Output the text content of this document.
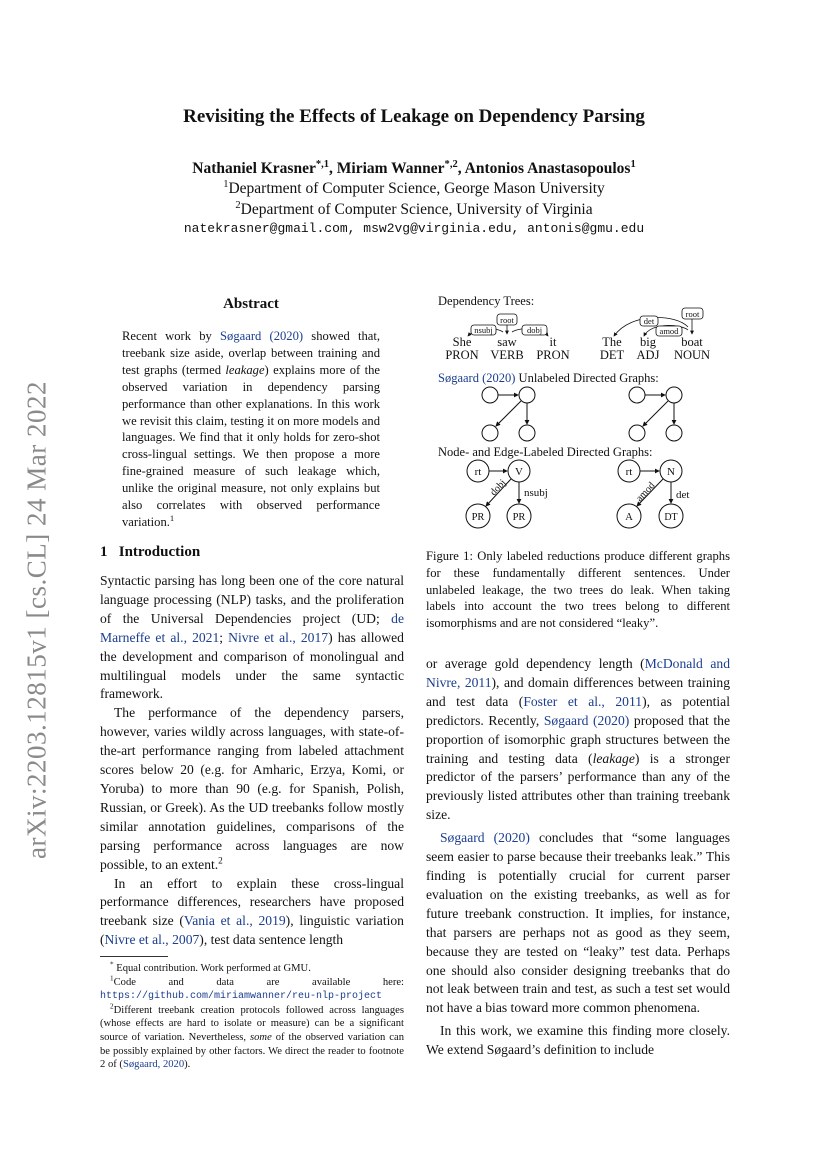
arXiv:2203.12815v1 [cs.CL] 24 Mar 2022
Revisiting the Effects of Leakage on Dependency Parsing
Nathaniel Krasner$^{*,1}$, Miriam Wanner$^{*,2}$, Antonios Anastasopoulos$^1$
$^1$Department of Computer Science, George Mason University
$^2$Department of Computer Science, University of Virginia
natekrasner@gmail.com, msw2vg@virginia.edu, antonis@gmu.edu
Abstract

Recent work by Søgaard (2020) showed that, treebank size aside, overlap between training and test graphs (termed leakage) explains more of the observed variation in dependency parsing performance than other explanations. In this work we revisit this claim, testing it on more models and languages. We find that it only holds for zero-shot cross-lingual settings. We then propose a more fine-grained measure of such leakage which, unlike the original measure, not only explains but also correlates with observed performance variation.$^1$

1 Introduction

Syntactic parsing has long been one of the core natural language processing (NLP) tasks, and the proliferation of the Universal Dependencies project (UD; de Marneffe et al., 2021; Nivre et al., 2017) has allowed the development and comparison of monolingual and multilingual models under the same syntactic framework.

The performance of the dependency parsers, however, varies wildly across languages, with state-of-the-art performance ranging from labeled attachment scores below 20 (e.g. for Amharic, Erzya, Komi, or Yoruba) to more than 90 (e.g. for Spanish, Polish, Russian, or Greek). As the UD treebanks follow mostly similar annotation guidelines, comparisons of the parsing performance across languages are now possible, to an extent.$^2$

In an effort to explain these cross-lingual performance differences, researchers have proposed treebank size (Vania et al., 2019), linguistic variation (Nivre et al., 2007), test data sentence length

* Equal contribution. Work performed at GMU.

$^1$Code and data are available here: https://github.com/miriamwanner/reu-nlp-project

$^2$Different treebank creation protocols followed across languages (whose effects are hard to isolate or measure) can be a significant source of variation. Nevertheless, some of the observed variation can be possibly explained by other factors. We direct the reader to footnote 2 of (Søgaard, 2020).

Dependency Trees:
root
nsubj	dobj
She saw	it
PRON VERB PRON
root
amod
det
The big boat
DET ADJ NOUN
Søgaard (2020) Unlabeled Directed Graphs:
Node- and Edge-Labeled Directed Graphs:
rt	V
PR	PR
dobj nsubj
rt	N
A	DT
amod det
Figure 1: Only labeled reductions produce different graphs for these fundamentally different sentences. Under unlabeled leakage, the two trees do leak. When taking labels into account the two trees belong to different isomorphisms and are not considered “leaky”.

or average gold dependency length (McDonald and Nivre, 2011), and domain differences between training and test data (Foster et al., 2011), as potential predictors. Recently, Søgaard (2020) proposed that the proportion of isomorphic graph structures between the training and testing data (leakage) is a stronger predictor of the parsers’ performance than any of the previously listed attributes other than training treebank size.

Søgaard (2020) concludes that “some languages seem easier to parse because their treebanks leak.” This finding is potentially crucial for current parser evaluation on the existing treebanks, as well as for future treebank construction. It implies, for instance, that parsers are perhaps not as good as they seem, because they are tested on “leaky” test data. Perhaps one should also consider designing treebanks that do not leak between train and test, as such a test set would not have a bias toward more common phenomena.

In this work, we examine this finding more closely. We extend Søgaard’s definition to include
